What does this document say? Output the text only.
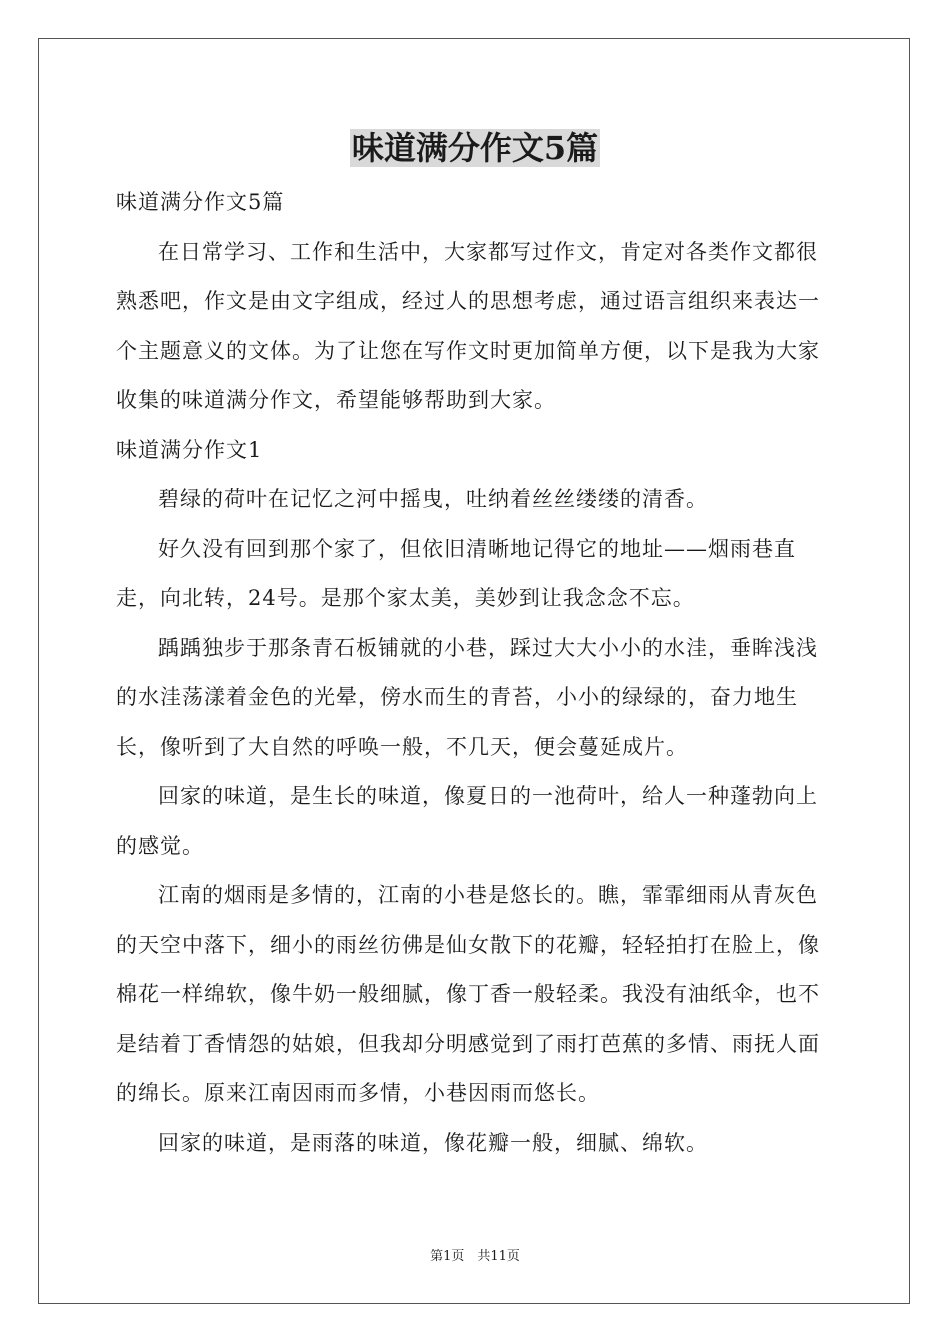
味道满分作文5篇

味道满分作文5篇

在日常学习、工作和生活中，大家都写过作文，肯定对各类作文都很熟悉吧，作文是由文字组成，经过人的思想考虑，通过语言组织来表达一个主题意义的文体。为了让您在写作文时更加简单方便，以下是我为大家收集的味道满分作文，希望能够帮助到大家。

味道满分作文1

碧绿的荷叶在记忆之河中摇曳，吐纳着丝丝缕缕的清香。

好久没有回到那个家了，但依旧清晰地记得它的地址——烟雨巷直走，向北转，24号。是那个家太美，美妙到让我念念不忘。

踽踽独步于那条青石板铺就的小巷，踩过大大小小的水洼，垂眸浅浅的水洼荡漾着金色的光晕，傍水而生的青苔，小小的绿绿的，奋力地生长，像听到了大自然的呼唤一般，不几天，便会蔓延成片。

回家的味道，是生长的味道，像夏日的一池荷叶，给人一种蓬勃向上的感觉。

江南的烟雨是多情的，江南的小巷是悠长的。瞧，霏霏细雨从青灰色的天空中落下，细小的雨丝彷佛是仙女散下的花瓣，轻轻拍打在脸上，像棉花一样绵软，像牛奶一般细腻，像丁香一般轻柔。我没有油纸伞，也不是结着丁香情怨的姑娘，但我却分明感觉到了雨打芭蕉的多情、雨抚人面的绵长。原来江南因雨而多情，小巷因雨而悠长。

回家的味道，是雨落的味道，像花瓣一般，细腻、绵软。

第1页　共11页
